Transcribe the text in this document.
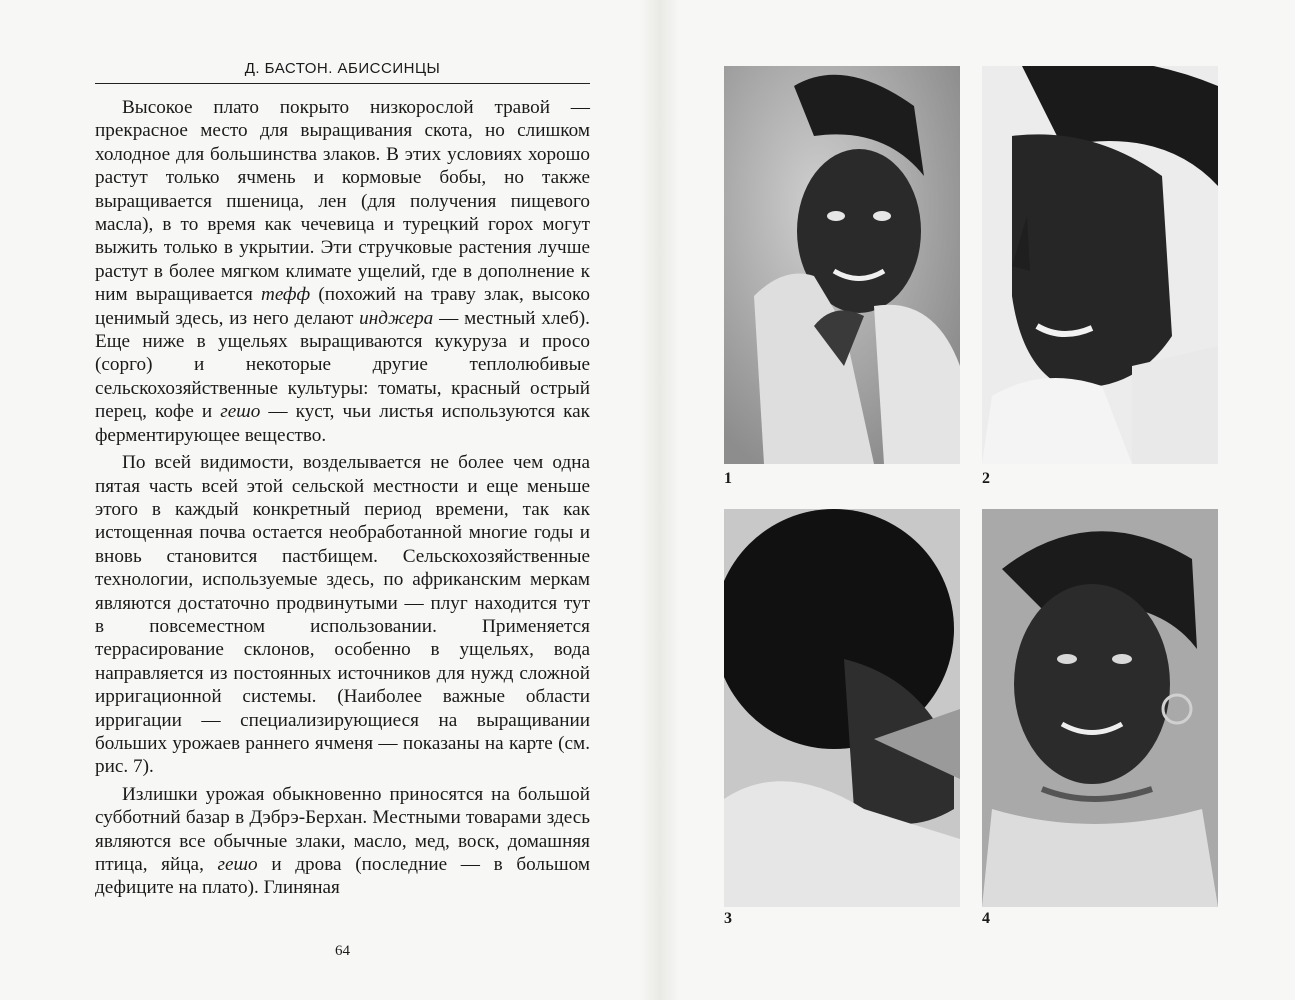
Д. БАСТОН. АБИССИНЦЫ

Высокое плато покрыто низкорослой травой — прекрасное место для выращивания скота, но слишком холодное для большинства злаков. В этих условиях хорошо растут только ячмень и кормовые бобы, но также выращивается пшеница, лен (для получения пищевого масла), в то время как чечевица и турецкий горох могут выжить только в укрытии. Эти стручковые растения лучше растут в более мягком климате ущелий, где в дополнение к ним выращивается тефф (похожий на траву злак, высоко ценимый здесь, из него делают инджера — местный хлеб). Еще ниже в ущельях выращиваются кукуруза и просо (сорго) и некоторые другие теплолюбивые сельскохозяйственные культуры: томаты, красный острый перец, кофе и гешо — куст, чьи листья используются как ферментирующее вещество.

По всей видимости, возделывается не более чем одна пятая часть всей этой сельской местности и еще меньше этого в каждый конкретный период времени, так как истощенная почва остается необработанной многие годы и вновь становится пастбищем. Сельскохозяйственные технологии, используемые здесь, по африканским меркам являются достаточно продвинутыми — плуг находится тут в повсеместном использовании. Применяется террасирование склонов, особенно в ущельях, вода направляется из постоянных источников для нужд сложной ирригационной системы. (Наиболее важные области ирригации — специализирующиеся на выращивании больших урожаев раннего ячменя — показаны на карте (см. рис. 7).

Излишки урожая обыкновенно приносятся на большой субботний базар в Дэбрэ-Берхан. Местными товарами здесь являются все обычные злаки, масло, мед, воск, домашняя птица, яйца, гешо и дрова (последние — в большом дефиците на плато). Глиняная

64
1	2
3	4
